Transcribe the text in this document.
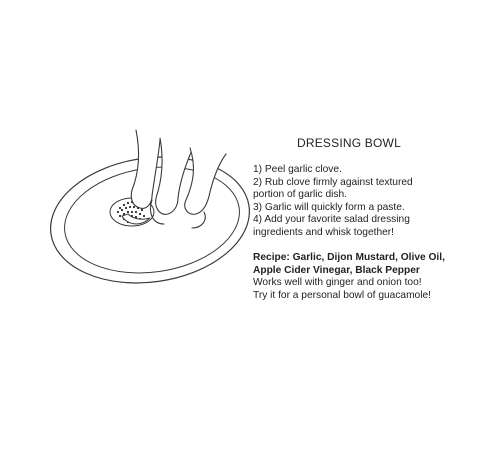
DRESSING BOWL
1) Peel garlic clove.
2) Rub clove firmly against textured
portion of garlic dish.
3) Garlic will quickly form a paste.
4) Add your favorite salad dressing
ingredients and whisk together!
Recipe: Garlic, Dijon Mustard, Olive Oil,
Apple Cider Vinegar, Black Pepper
Works well with ginger and onion too!
Try it for a personal bowl of guacamole!
